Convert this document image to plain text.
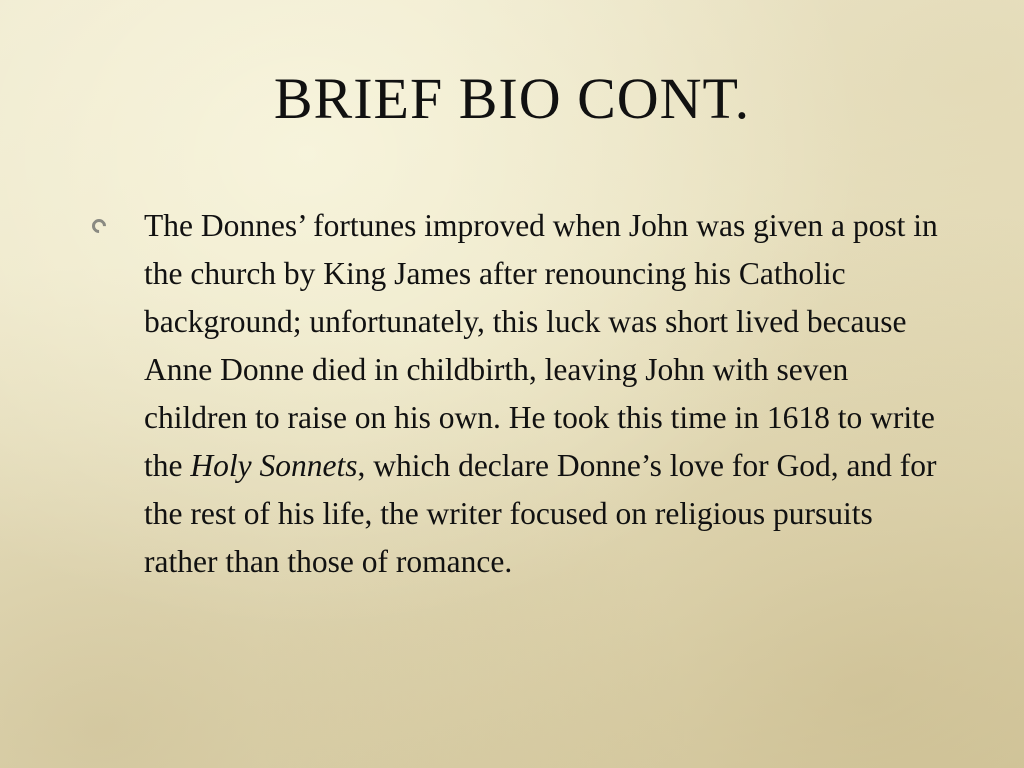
BRIEF BIO CONT.
The Donnes’ fortunes improved when John was given a post in the church by King James after renouncing his Catholic background; unfortunately, this luck was short lived because Anne Donne died in childbirth, leaving John with seven children to raise on his own. He took this time in 1618 to write the Holy Sonnets, which declare Donne’s love for God, and for the rest of his life, the writer focused on religious pursuits rather than those of romance.
